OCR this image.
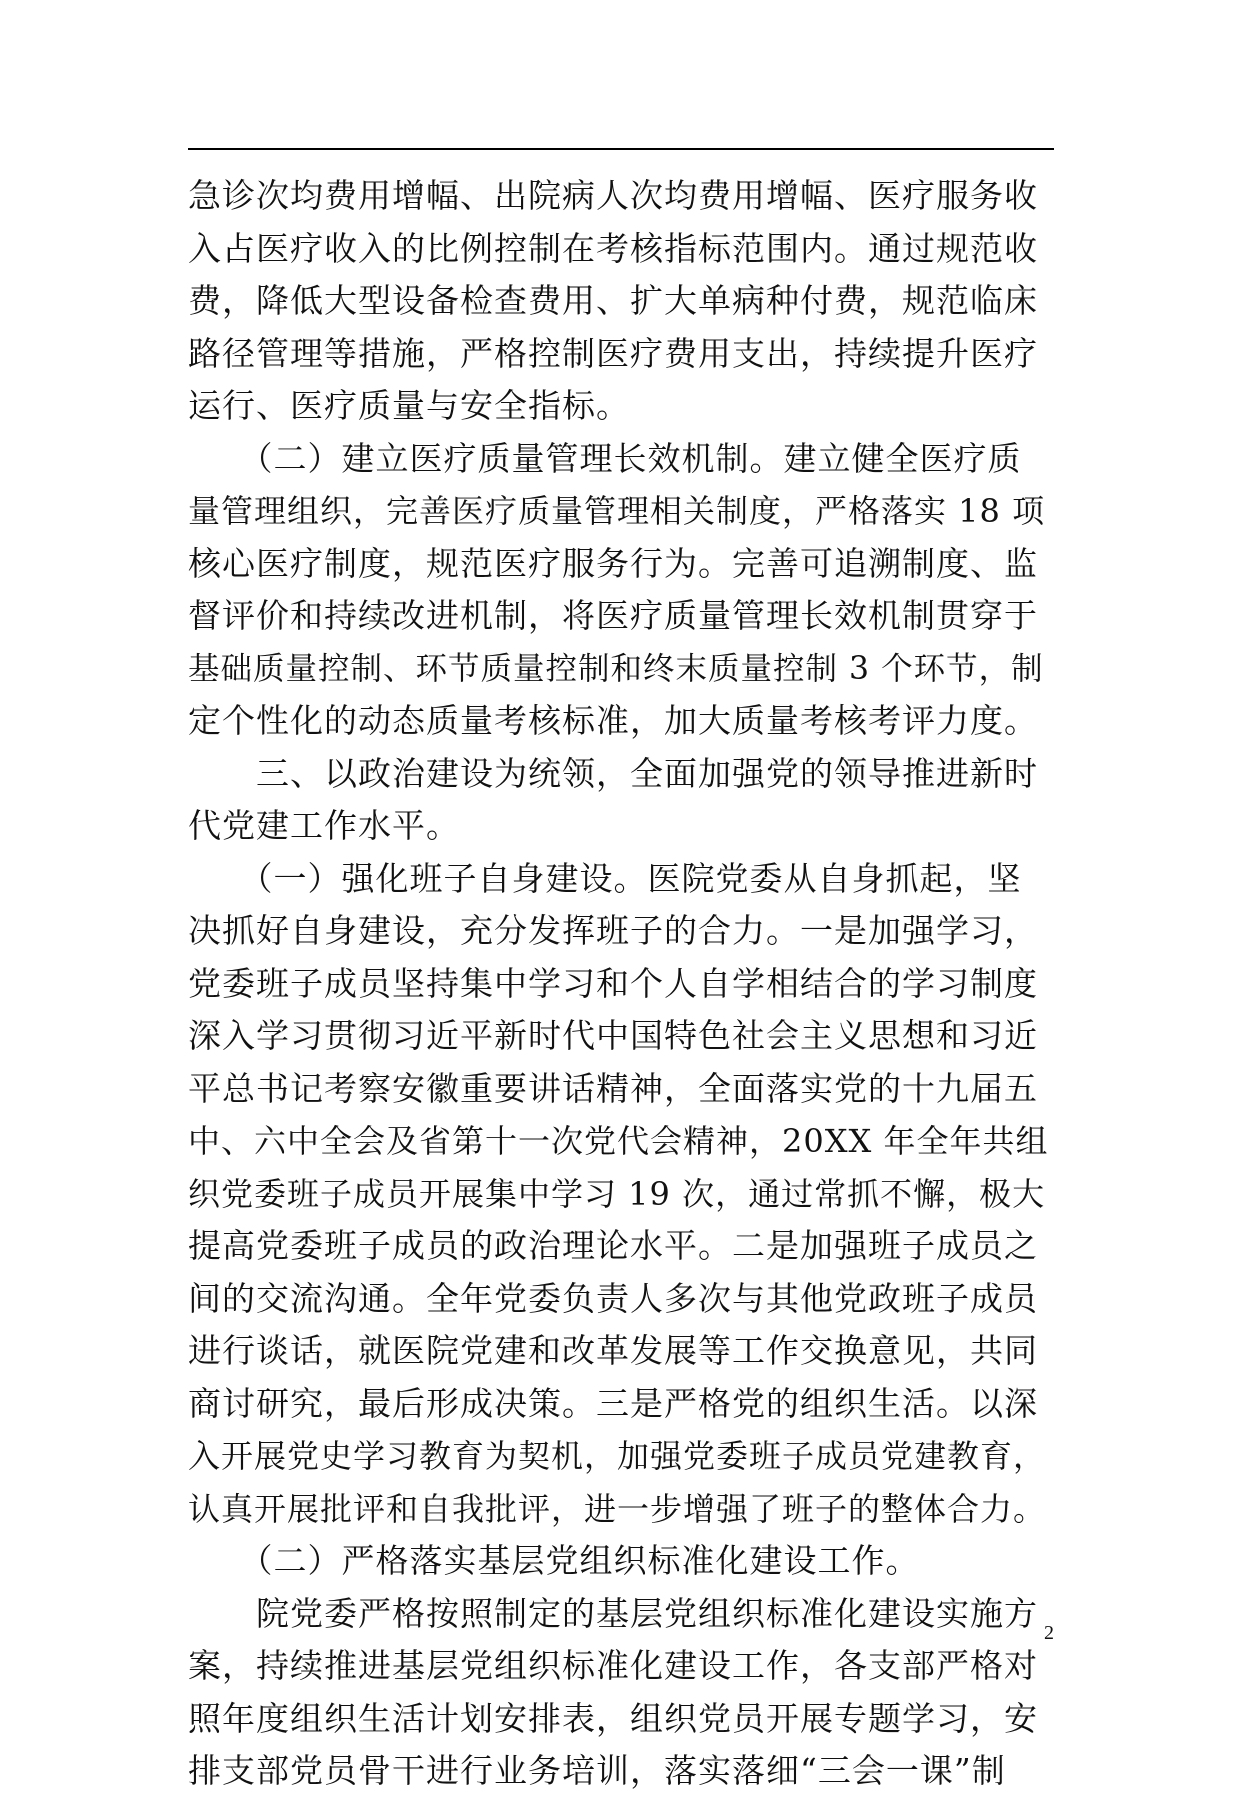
急诊次均费用增幅、出院病人次均费用增幅、医疗服务收
入占医疗收入的比例控制在考核指标范围内。通过规范收
费，降低大型设备检查费用、扩大单病种付费，规范临床
路径管理等措施，严格控制医疗费用支出，持续提升医疗
运行、医疗质量与安全指标。
　　（二）建立医疗质量管理长效机制。建立健全医疗质
量管理组织，完善医疗质量管理相关制度，严格落实 18 项
核心医疗制度，规范医疗服务行为。完善可追溯制度、监
督评价和持续改进机制，将医疗质量管理长效机制贯穿于
基础质量控制、环节质量控制和终末质量控制 3 个环节，制
定个性化的动态质量考核标准，加大质量考核考评力度。
　　三、以政治建设为统领，全面加强党的领导推进新时
代党建工作水平。
　　（一）强化班子自身建设。医院党委从自身抓起，坚
决抓好自身建设，充分发挥班子的合力。一是加强学习，
党委班子成员坚持集中学习和个人自学相结合的学习制度
深入学习贯彻习近平新时代中国特色社会主义思想和习近
平总书记考察安徽重要讲话精神，全面落实党的十九届五
中、六中全会及省第十一次党代会精神，20XX 年全年共组
织党委班子成员开展集中学习 19 次，通过常抓不懈，极大
提高党委班子成员的政治理论水平。二是加强班子成员之
间的交流沟通。全年党委负责人多次与其他党政班子成员
进行谈话，就医院党建和改革发展等工作交换意见，共同
商讨研究，最后形成决策。三是严格党的组织生活。以深
入开展党史学习教育为契机，加强党委班子成员党建教育，
认真开展批评和自我批评，进一步增强了班子的整体合力。
　　（二）严格落实基层党组织标准化建设工作。
　　院党委严格按照制定的基层党组织标准化建设实施方
案，持续推进基层党组织标准化建设工作，各支部严格对
照年度组织生活计划安排表，组织党员开展专题学习，安
排支部党员骨干进行业务培训，落实落细“三会一课”制
2
